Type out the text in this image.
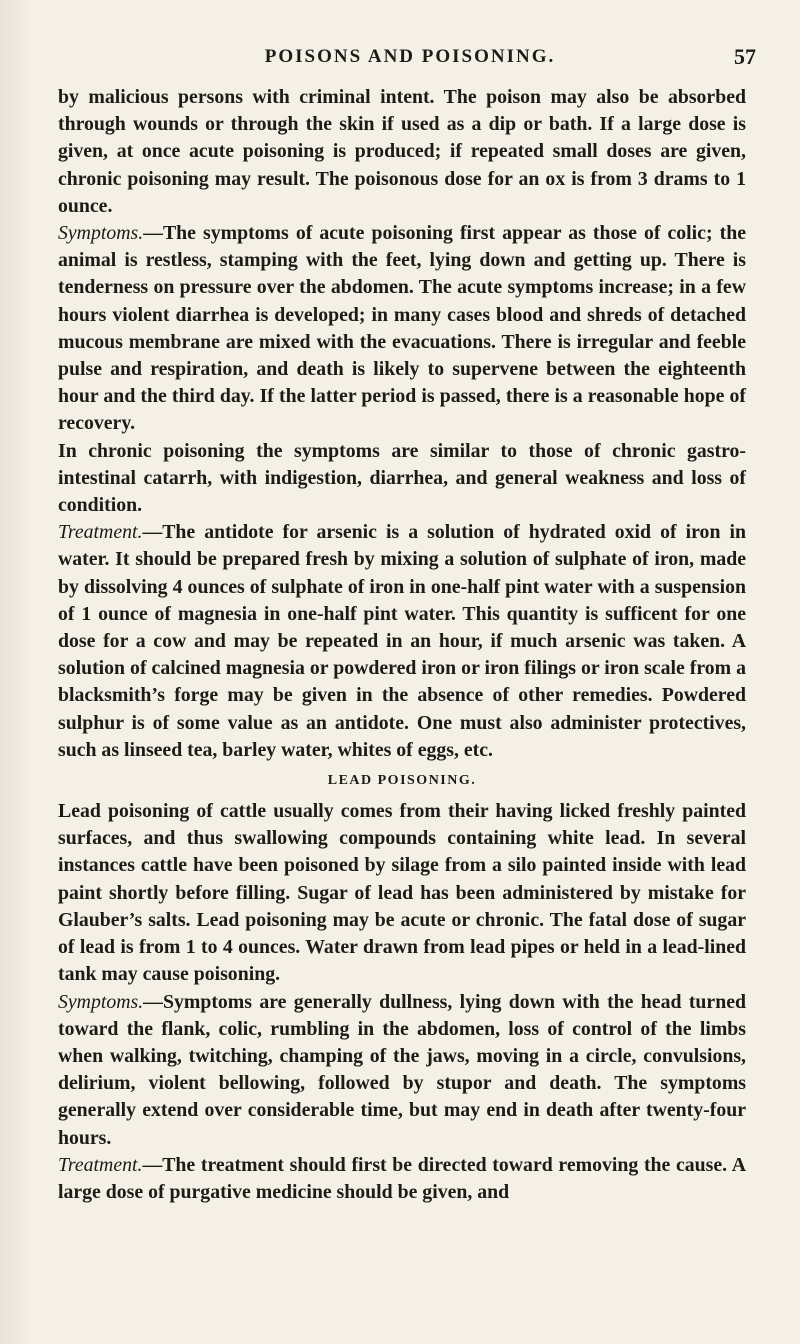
POISONS AND POISONING.	57

by malicious persons with criminal intent. The poison may also be absorbed through wounds or through the skin if used as a dip or bath. If a large dose is given, at once acute poisoning is produced; if repeated small doses are given, chronic poisoning may result. The poisonous dose for an ox is from 3 drams to 1 ounce.

Symptoms.—The symptoms of acute poisoning first appear as those of colic; the animal is restless, stamping with the feet, lying down and getting up. There is tenderness on pressure over the abdomen. The acute symptoms increase; in a few hours violent diarrhea is developed; in many cases blood and shreds of detached mucous membrane are mixed with the evacuations. There is irregular and feeble pulse and respiration, and death is likely to supervene between the eighteenth hour and the third day. If the latter period is passed, there is a reasonable hope of recovery.

In chronic poisoning the symptoms are similar to those of chronic gastro-intestinal catarrh, with indigestion, diarrhea, and general weakness and loss of condition.

Treatment.—The antidote for arsenic is a solution of hydrated oxid of iron in water. It should be prepared fresh by mixing a solution of sulphate of iron, made by dissolving 4 ounces of sulphate of iron in one-half pint water with a suspension of 1 ounce of magnesia in one-half pint water. This quantity is sufficent for one dose for a cow and may be repeated in an hour, if much arsenic was taken. A solution of calcined magnesia or powdered iron or iron filings or iron scale from a blacksmith’s forge may be given in the absence of other remedies. Powdered sulphur is of some value as an antidote. One must also administer protectives, such as linseed tea, barley water, whites of eggs, etc.

LEAD POISONING.

Lead poisoning of cattle usually comes from their having licked freshly painted surfaces, and thus swallowing compounds containing white lead. In several instances cattle have been poisoned by silage from a silo painted inside with lead paint shortly before filling. Sugar of lead has been administered by mistake for Glauber’s salts. Lead poisoning may be acute or chronic. The fatal dose of sugar of lead is from 1 to 4 ounces. Water drawn from lead pipes or held in a lead-lined tank may cause poisoning.

Symptoms.—Symptoms are generally dullness, lying down with the head turned toward the flank, colic, rumbling in the abdomen, loss of control of the limbs when walking, twitching, champing of the jaws, moving in a circle, convulsions, delirium, violent bellowing, followed by stupor and death. The symptoms generally extend over considerable time, but may end in death after twenty-four hours.

Treatment.—The treatment should first be directed toward removing the cause. A large dose of purgative medicine should be given, and
